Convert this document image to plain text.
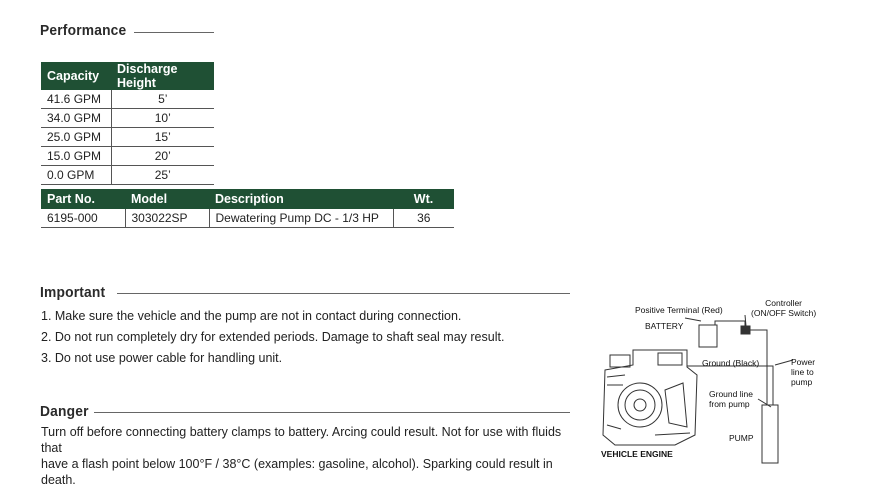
Performance
Capacity	Discharge Height
41.6 GPM	5’
34.0 GPM	10’
25.0 GPM	15’
15.0 GPM	20’
0.0 GPM	25’
Part No.	Model	Description	Wt.
6195-000	303022SP	Dewatering Pump DC - 1/3 HP	36
Important
1. Make sure the vehicle and the pump are not in contact during connection.
2. Do not run completely dry for extended periods. Damage to shaft seal may result.
3. Do not use power cable for handling unit.
Danger
Turn off before connecting battery clamps to battery. Arcing could result. Not for use with fluids that
have a flash point below 100°F / 38°C (examples: gasoline, alcohol). Sparking could result in death.
Positive Terminal (Red)
BATTERY
Controller
(ON/OFF Switch)
Ground (Black)	Power
line to
pump
Ground line
from pump
PUMP
VEHICLE ENGINE
